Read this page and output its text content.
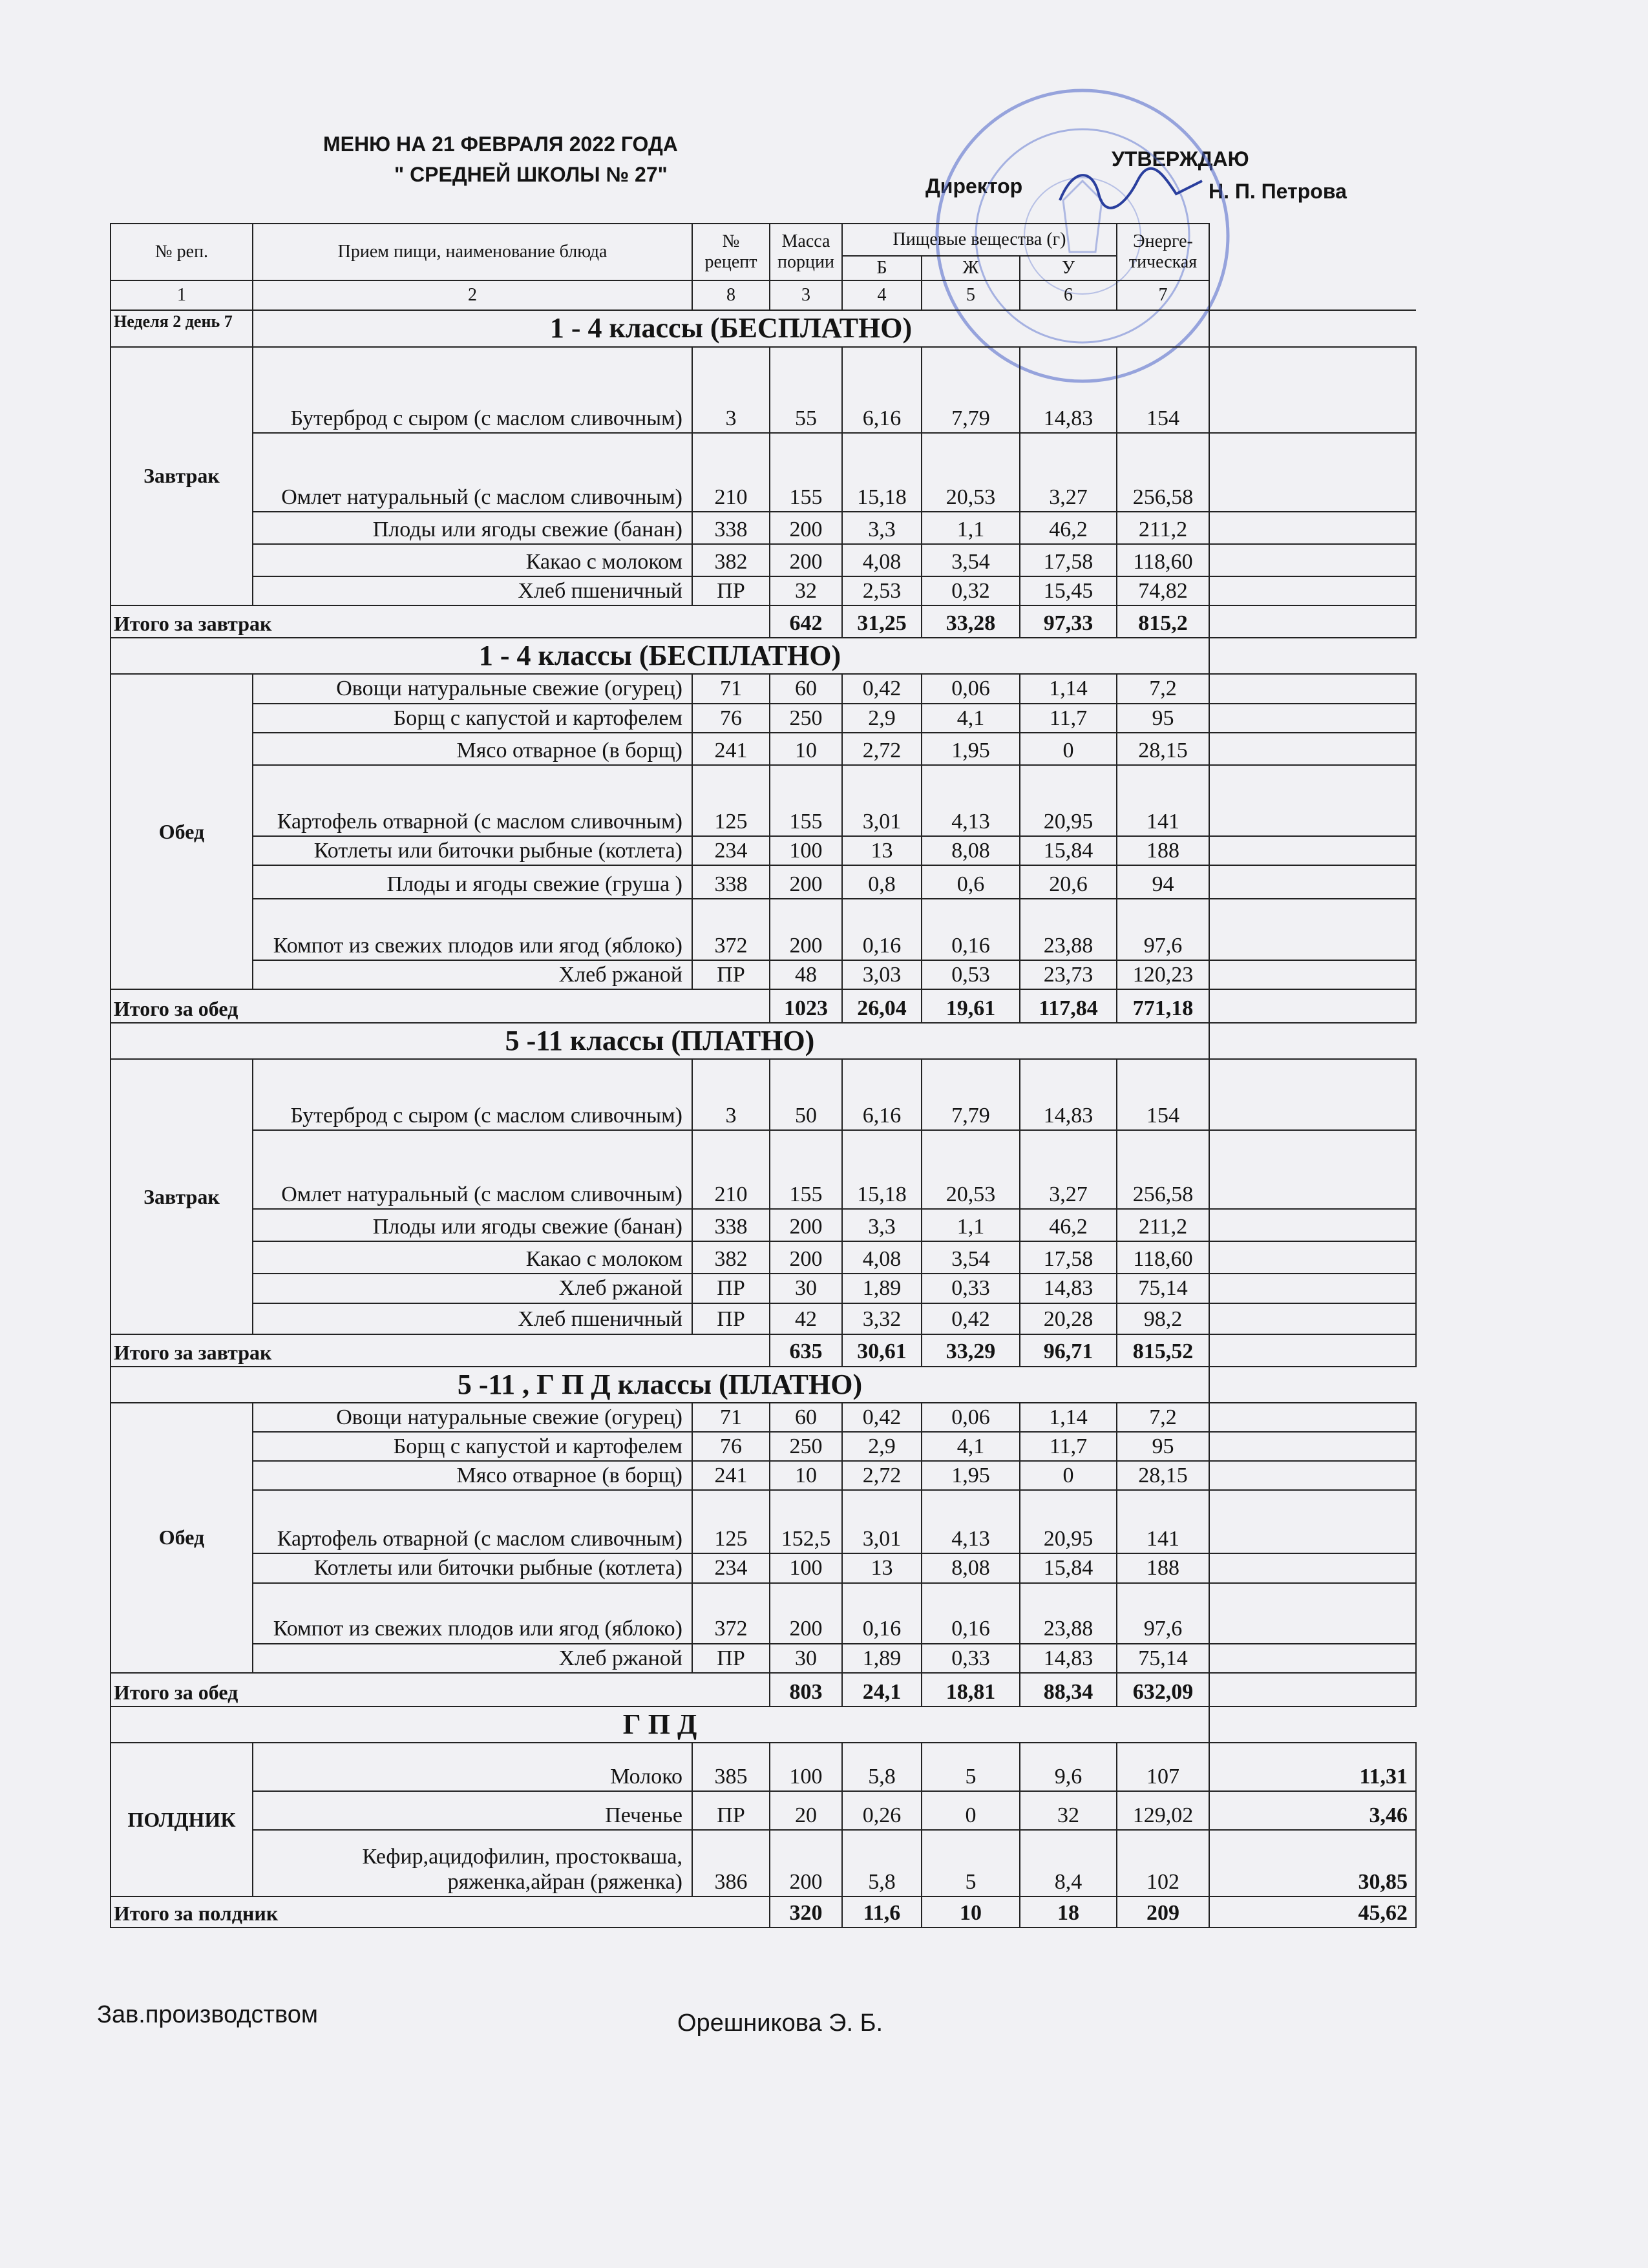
МЕНЮ НА 21 ФЕВРАЛЯ 2022 ГОДА
" СРЕДНЕЙ ШКОЛЫ № 27"
УТВЕРЖДАЮ
Директор	Н. П. Петрова
№ реп.	Прием пищи, наименование блюда	№ рецепт	Масса порции	Пищевые вещества (г)			Энерге- тическая	
				Б	Ж	У		
1	2	8	3	4	5	6	7	
Неделя 2 день 7	1 - 4 классы (БЕСПЛАТНО)							
Завтрак	Бутерброд с сыром (с маслом сливочным)	3	55	6,16	7,79	14,83	154	
	Омлет натуральный (с маслом сливочным)	210	155	15,18	20,53	3,27	256,58	
	Плоды или ягоды свежие (банан)	338	200	3,3	1,1	46,2	211,2	
	Какао с молоком	382	200	4,08	3,54	17,58	118,60	
	Хлеб пшеничный	ПР	32	2,53	0,32	15,45	74,82	
Итого за завтрак			642	31,25	33,28	97,33	815,2	
1 - 4 классы (БЕСПЛАТНО)								
Обед	Овощи натуральные свежие (огурец)	71	60	0,42	0,06	1,14	7,2	
	Борщ с капустой и картофелем	76	250	2,9	4,1	11,7	95	
	Мясо отварное (в борщ)	241	10	2,72	1,95	0	28,15	
	Картофель отварной (с маслом сливочным)	125	155	3,01	4,13	20,95	141	
	Котлеты или биточки рыбные (котлета)	234	100	13	8,08	15,84	188	
	Плоды и ягоды свежие (груша )	338	200	0,8	0,6	20,6	94	
	Компот из свежих плодов или ягод (яблоко)	372	200	0,16	0,16	23,88	97,6	
	Хлеб ржаной	ПР	48	3,03	0,53	23,73	120,23	
Итого за обед			1023	26,04	19,61	117,84	771,18	
5 -11 классы (ПЛАТНО)								
Завтрак	Бутерброд с сыром (с маслом сливочным)	3	50	6,16	7,79	14,83	154	
	Омлет натуральный (с маслом сливочным)	210	155	15,18	20,53	3,27	256,58	
	Плоды или ягоды свежие (банан)	338	200	3,3	1,1	46,2	211,2	
	Какао с молоком	382	200	4,08	3,54	17,58	118,60	
	Хлеб ржаной	ПР	30	1,89	0,33	14,83	75,14	
	Хлеб пшеничный	ПР	42	3,32	0,42	20,28	98,2	
Итого за завтрак			635	30,61	33,29	96,71	815,52	
5 -11 , Г П Д классы (ПЛАТНО)								
Обед	Овощи натуральные свежие (огурец)	71	60	0,42	0,06	1,14	7,2	
	Борщ с капустой и картофелем	76	250	2,9	4,1	11,7	95	
	Мясо отварное (в борщ)	241	10	2,72	1,95	0	28,15	
	Картофель отварной (с маслом сливочным)	125	152,5	3,01	4,13	20,95	141	
	Котлеты или биточки рыбные (котлета)	234	100	13	8,08	15,84	188	
	Компот из свежих плодов или ягод (яблоко)	372	200	0,16	0,16	23,88	97,6	
	Хлеб ржаной	ПР	30	1,89	0,33	14,83	75,14	
Итого за обед			803	24,1	18,81	88,34	632,09	
Г П Д								
ПОЛДНИК	Молоко	385	100	5,8	5	9,6	107	11,31
	Печенье	ПР	20	0,26	0	32	129,02	3,46
	Кефир,ацидофилин, простокваша, ряженка,айран (ряженка)	386	200	5,8	5	8,4	102	30,85
Итого за полдник			320	11,6	10	18	209	45,62
Зав.производством	Орешникова Э. Б.
